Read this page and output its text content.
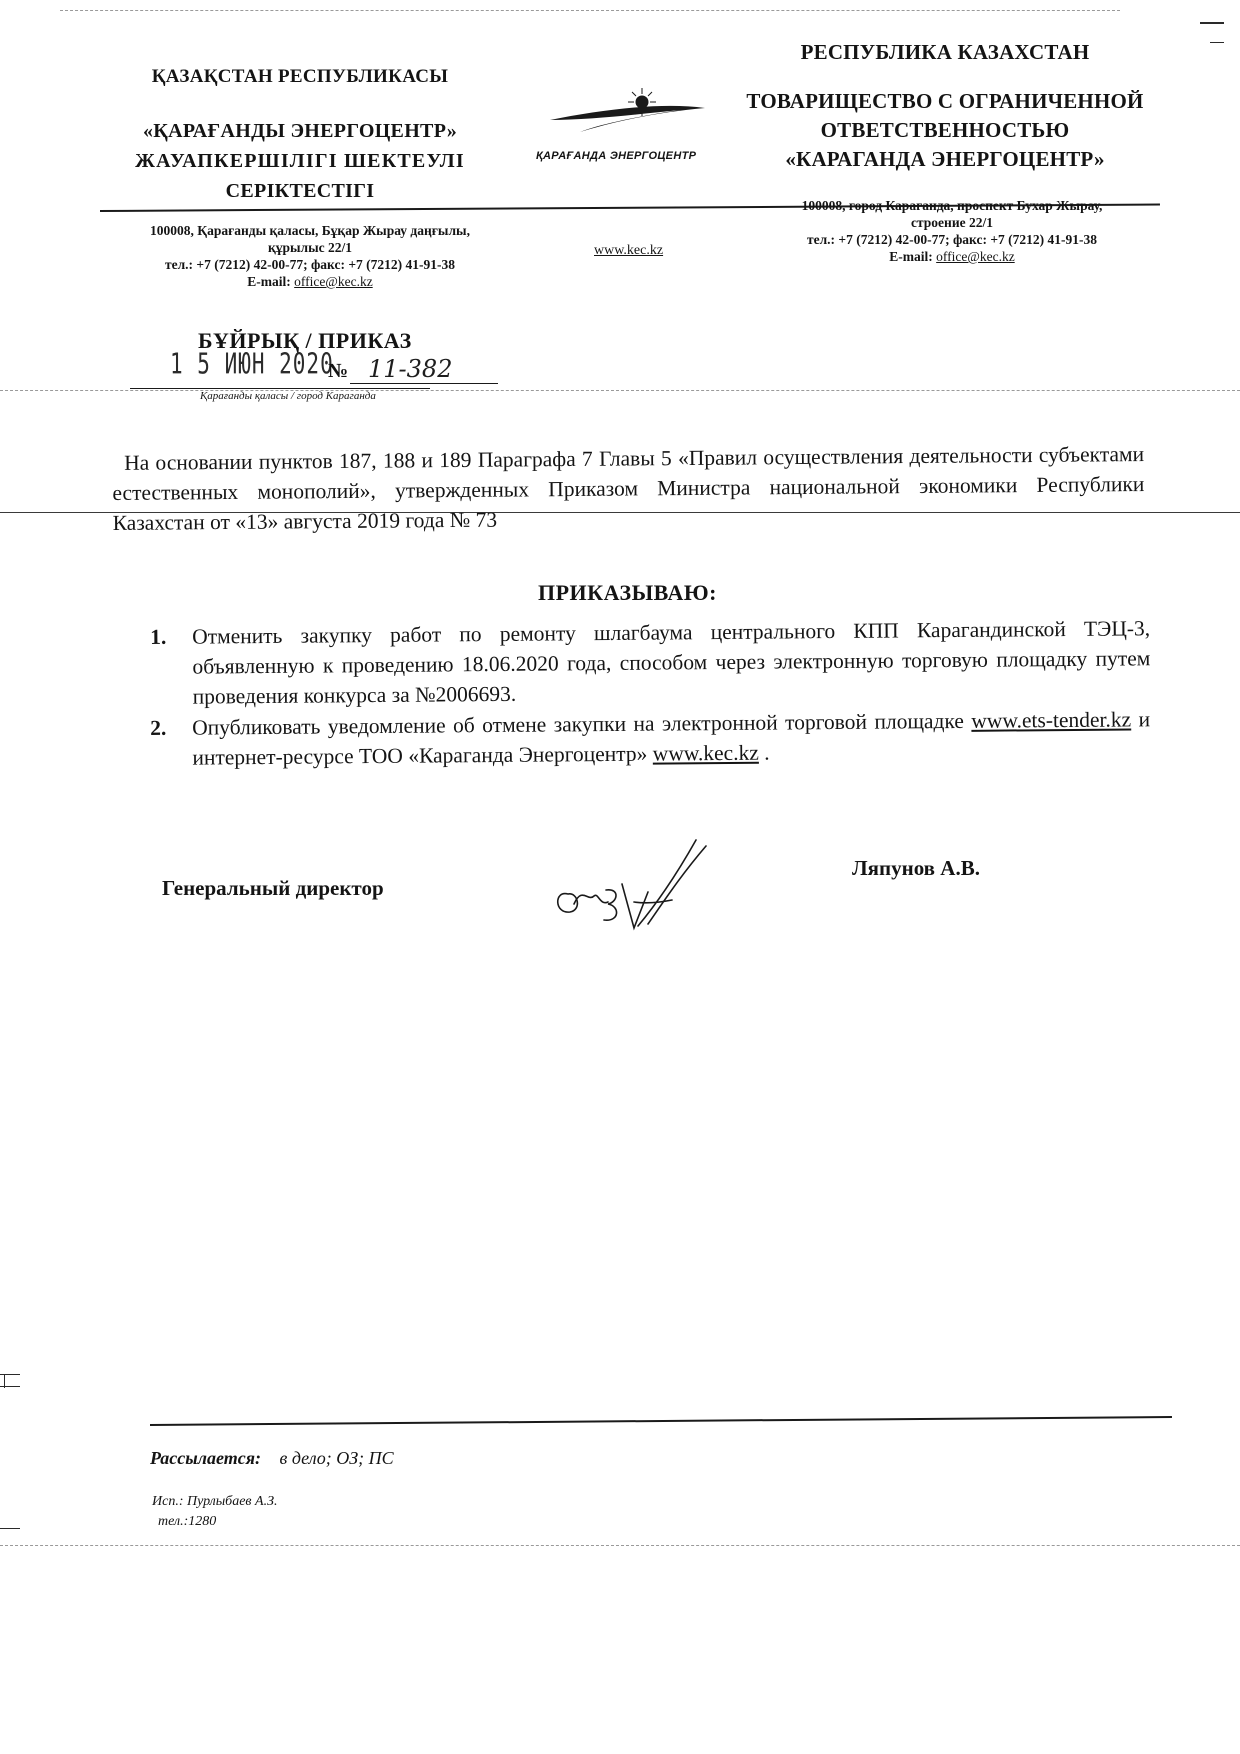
ҚАЗАҚСТАН РЕСПУБЛИКАСЫ
«ҚАРАҒАНДЫ ЭНЕРГОЦЕНТР»
ЖАУАПКЕРШІЛІГІ ШЕКТЕУЛІ
СЕРІКТЕСТІГІ
ҚАРАҒАНДА ЭНЕРГОЦЕНТР
РЕСПУБЛИКА КАЗАХСТАН
ТОВАРИЩЕСТВО С ОГРАНИЧЕННОЙ
ОТВЕТСТВЕННОСТЬЮ
«КАРАГАНДА ЭНЕРГОЦЕНТР»
100008, Қарағанды қаласы, Бұқар Жырау даңғылы,
құрылыс 22/1
тел.: +7 (7212) 42-00-77; факс: +7 (7212) 41-91-38
E-mail: office@kec.kz
www.kec.kz
100008, город Караганда, проспект Бухар Жырау,
строение 22/1
тел.: +7 (7212) 42-00-77; факс: +7 (7212) 41-91-38
E-mail: office@kec.kz
БҰЙРЫҚ / ПРИКАЗ
1 5 ИЮН 2020
№ 11-382
Қарағанды қаласы / город Караганда
На основании пунктов 187, 188 и 189 Параграфа 7 Главы 5 «Правил осуществления деятельности субъектами естественных монополий», утвержденных Приказом Министра национальной экономики Республики Казахстан от «13» августа 2019 года № 73
ПРИКАЗЫВАЮ:
1. Отменить закупку работ по ремонту шлагбаума центрального КПП Карагандинской ТЭЦ-3, объявленную к проведению 18.06.2020 года, способом через электронную торговую площадку путем проведения конкурса за №2006693.
2. Опубликовать уведомление об отмене закупки на электронной торговой площадке www.ets-tender.kz и интернет-ресурсе ТОО «Караганда Энергоцентр» www.kec.kz .
Генеральный директор
Ляпунов А.В.
Рассылается: в дело; ОЗ; ПС
Исп.: Пурлыбаев А.З.
тел.:1280
